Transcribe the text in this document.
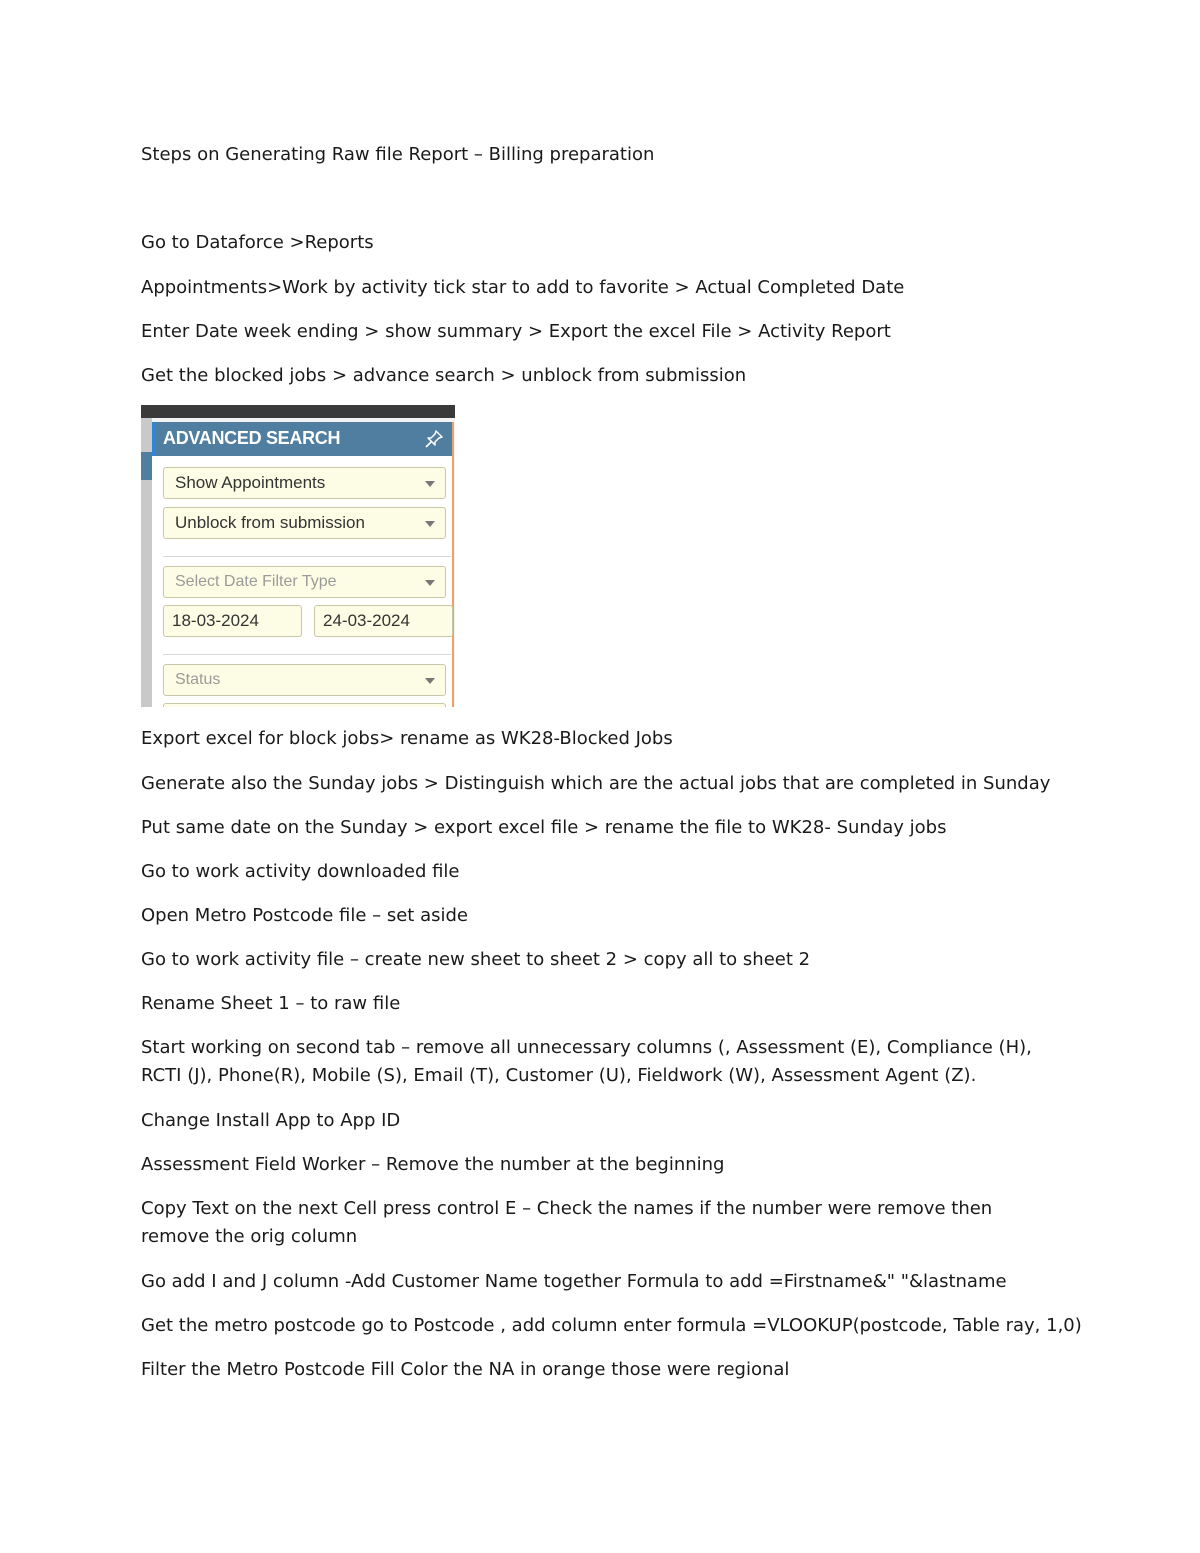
Steps on Generating Raw file Report – Billing preparation
Go to Dataforce >Reports
Appointments>Work by activity tick star to add to favorite > Actual Completed Date
Enter Date week ending > show summary > Export the excel File > Activity Report
Get the blocked jobs > advance search > unblock from submission
Export excel for block jobs> rename as WK28-Blocked Jobs
Generate also the Sunday jobs > Distinguish which are the actual jobs that are completed in Sunday
Put same date on the Sunday > export excel file > rename the file to WK28- Sunday jobs
Go to work activity downloaded file
Open Metro Postcode file – set aside
Go to work activity file – create new sheet to sheet 2 > copy all to sheet 2
Rename Sheet 1 – to raw file
Start working on second tab – remove all unnecessary columns (, Assessment (E), Compliance (H), RCTI (J), Phone(R), Mobile (S), Email (T), Customer (U), Fieldwork (W), Assessment Agent (Z).
Change Install App to App ID
Assessment Field Worker – Remove the number at the beginning
Copy Text on the next Cell press control E – Check the names if the number were remove then remove the orig column
Go add I and J column -Add Customer Name together Formula to add =Firstname&" "&lastname
Get the metro postcode go to Postcode , add column enter formula =VLOOKUP(postcode, Table ray, 1,0)
Filter the Metro Postcode Fill Color the NA in orange those were regional
ADVANCED SEARCH
Show Appointments
Unblock from submission
Select Date Filter Type
18-03-2024	24-03-2024
Status
